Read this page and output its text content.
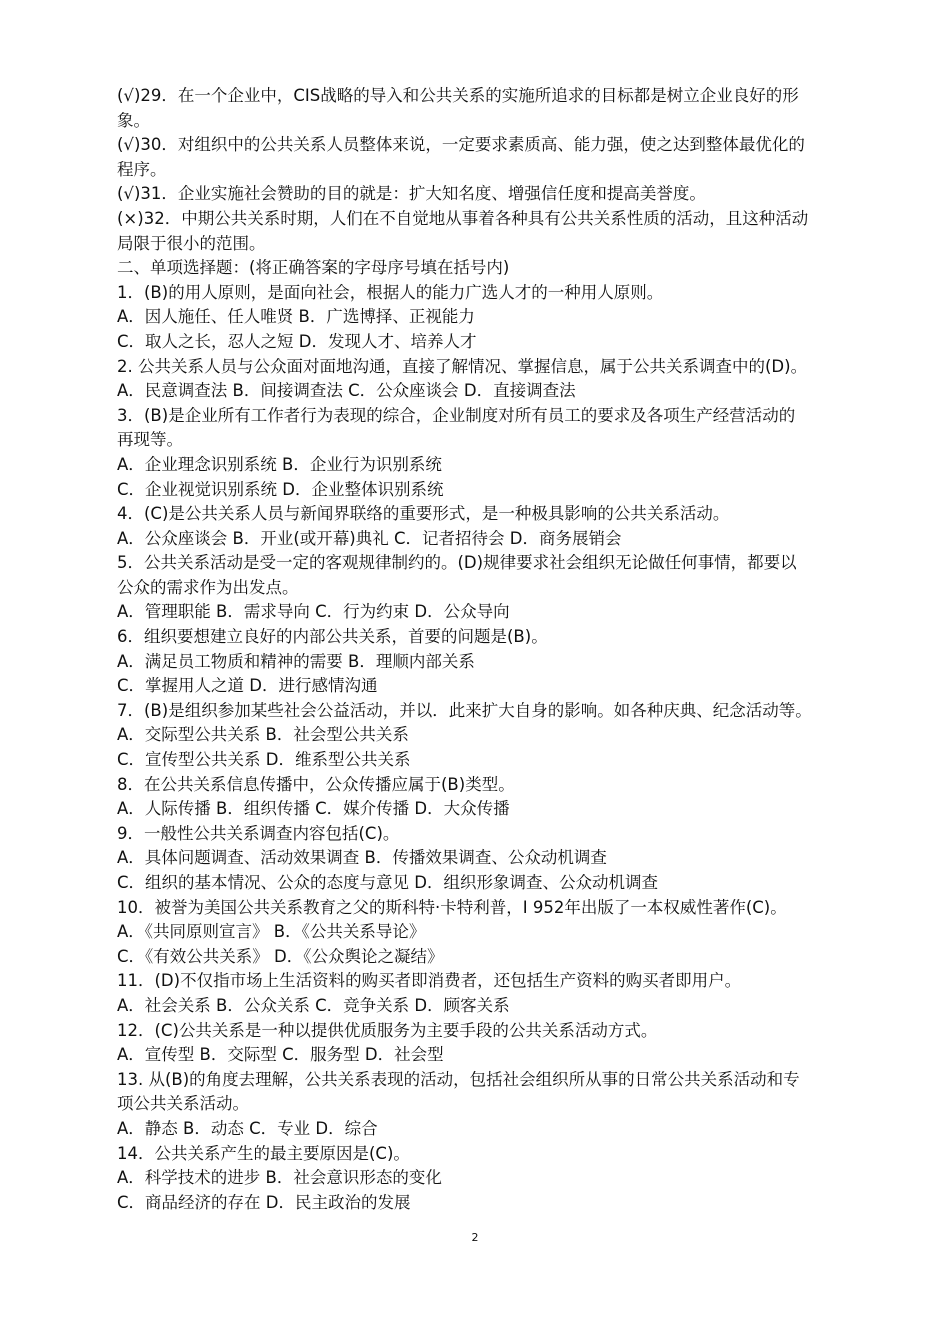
(√)29．在一个企业中，CIS战略的导入和公共关系的实施所追求的目标都是树立企业良好的形
象。
(√)30．对组织中的公共关系人员整体来说，一定要求素质高、能力强，使之达到整体最优化的
程序。
(√)31．企业实施社会赞助的目的就是：扩大知名度、增强信任度和提高美誉度。
(×)32．中期公共关系时期，人们在不自觉地从事着各种具有公共关系性质的活动，且这种活动
局限于很小的范围。
二、单项选择题：(将正确答案的字母序号填在括号内)
1．(B)的用人原则，是面向社会，根据人的能力广选人才的一种用人原则。
A．因人施任、任人唯贤 B．广选博择、正视能力
C．取人之长，忍人之短 D．发现人才、培养人才
2. 公共关系人员与公众面对面地沟通，直接了解情况、掌握信息，属于公共关系调查中的(D)。
A．民意调查法 B．间接调查法 C．公众座谈会 D．直接调查法
3．(B)是企业所有工作者行为表现的综合，企业制度对所有员工的要求及各项生产经营活动的
再现等。
A．企业理念识别系统 B．企业行为识别系统
C．企业视觉识别系统 D．企业整体识别系统
4．(C)是公共关系人员与新闻界联络的重要形式，是一种极具影响的公共关系活动。
A．公众座谈会 B．开业(或开幕)典礼 C．记者招待会 D．商务展销会
5．公共关系活动是受一定的客观规律制约的。(D)规律要求社会组织无论做任何事情，都要以
公众的需求作为出发点。
A．管理职能 B．需求导向 C．行为约束 D．公众导向
6．组织要想建立良好的内部公共关系，首要的问题是(B)。
A．满足员工物质和精神的需要 B．理顺内部关系
C．掌握用人之道 D．进行感情沟通
7．(B)是组织参加某些社会公益活动，并以．此来扩大自身的影响。如各种庆典、纪念活动等。
A．交际型公共关系 B．社会型公共关系
C．宣传型公共关系 D．维系型公共关系
8．在公共关系信息传播中，公众传播应属于(B)类型。
A．人际传播 B．组织传播 C．媒介传播 D．大众传播
9．一般性公共关系调查内容包括(C)。
A．具体问题调查、活动效果调查 B．传播效果调查、公众动机调查
C．组织的基本情况、公众的态度与意见 D．组织形象调查、公众动机调查
10．被誉为美国公共关系教育之父的斯科特·卡特利普，I 952年出版了一本权威性著作(C)。
A．《共同原则宣言》 B．《公共关系导论》
C．《有效公共关系》 D．《公众舆论之凝结》
11．(D)不仅指市场上生活资料的购买者即消费者，还包括生产资料的购买者即用户。
A．社会关系 B．公众关系 C．竞争关系 D．顾客关系
12．(C)公共关系是一种以提供优质服务为主要手段的公共关系活动方式。
A．宣传型 B．交际型 C．服务型 D．社会型
13. 从(B)的角度去理解，公共关系表现的活动，包括社会组织所从事的日常公共关系活动和专
项公共关系活动。
A．静态 B．动态 C．专业 D．综合
14．公共关系产生的最主要原因是(C)。
A．科学技术的进步 B．社会意识形态的变化
C．商品经济的存在 D．民主政治的发展
2
